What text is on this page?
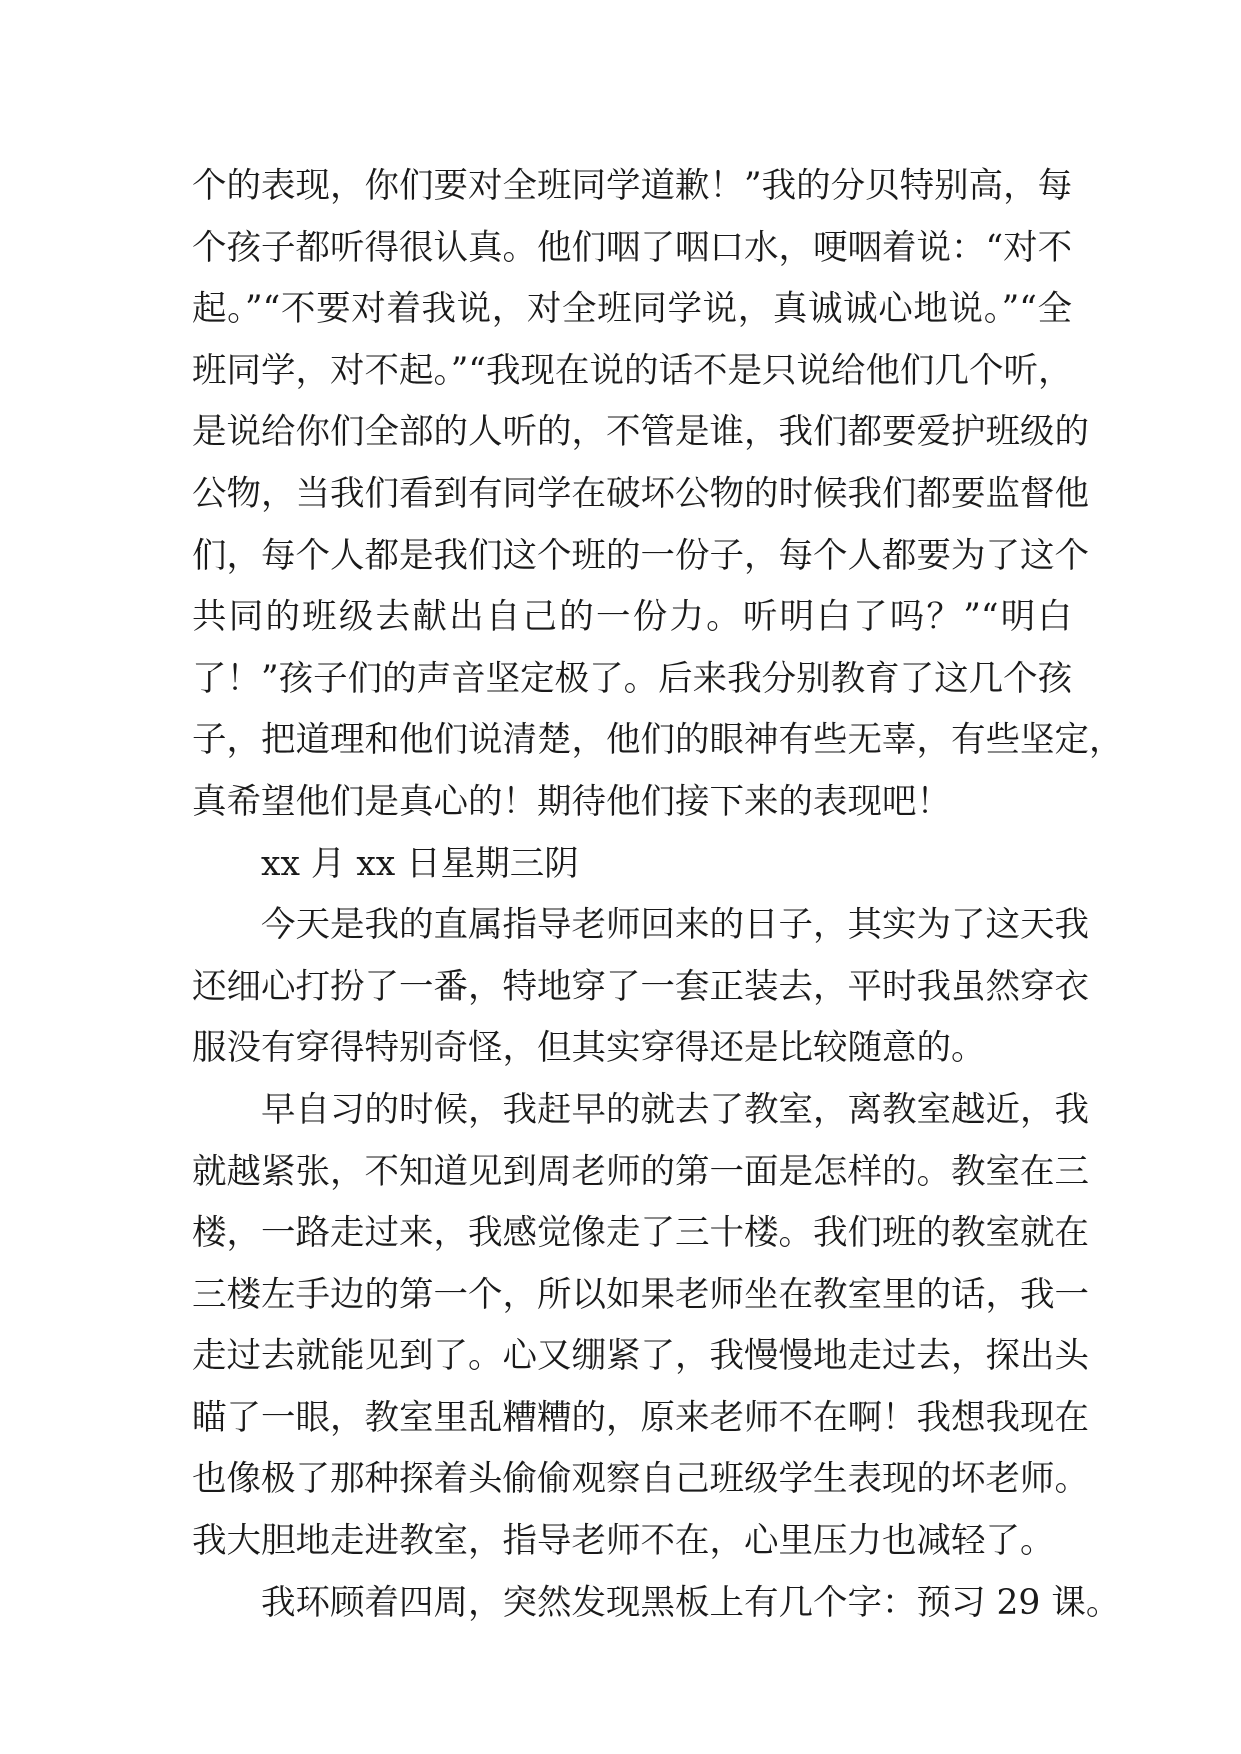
个的表现，你们要对全班同学道歉！”我的分贝特别高，每
个孩子都听得很认真。他们咽了咽口水，哽咽着说：“对不
起。”“不要对着我说，对全班同学说，真诚诚心地说。”“全
班同学，对不起。”“我现在说的话不是只说给他们几个听，
是说给你们全部的人听的，不管是谁，我们都要爱护班级的
公物，当我们看到有同学在破坏公物的时候我们都要监督他
们，每个人都是我们这个班的一份子，每个人都要为了这个
共同的班级去献出自己的一份力。听明白了吗？”“明白
了！”孩子们的声音坚定极了。后来我分别教育了这几个孩
子，把道理和他们说清楚，他们的眼神有些无辜，有些坚定，
真希望他们是真心的！期待他们接下来的表现吧！
xx 月 xx 日星期三阴
今天是我的直属指导老师回来的日子，其实为了这天我
还细心打扮了一番，特地穿了一套正装去，平时我虽然穿衣
服没有穿得特别奇怪，但其实穿得还是比较随意的。
早自习的时候，我赶早的就去了教室，离教室越近，我
就越紧张，不知道见到周老师的第一面是怎样的。教室在三
楼，一路走过来，我感觉像走了三十楼。我们班的教室就在
三楼左手边的第一个，所以如果老师坐在教室里的话，我一
走过去就能见到了。心又绷紧了，我慢慢地走过去，探出头
瞄了一眼，教室里乱糟糟的，原来老师不在啊！我想我现在
也像极了那种探着头偷偷观察自己班级学生表现的坏老师。
我大胆地走进教室，指导老师不在，心里压力也减轻了。
我环顾着四周，突然发现黑板上有几个字：预习 29 课。
